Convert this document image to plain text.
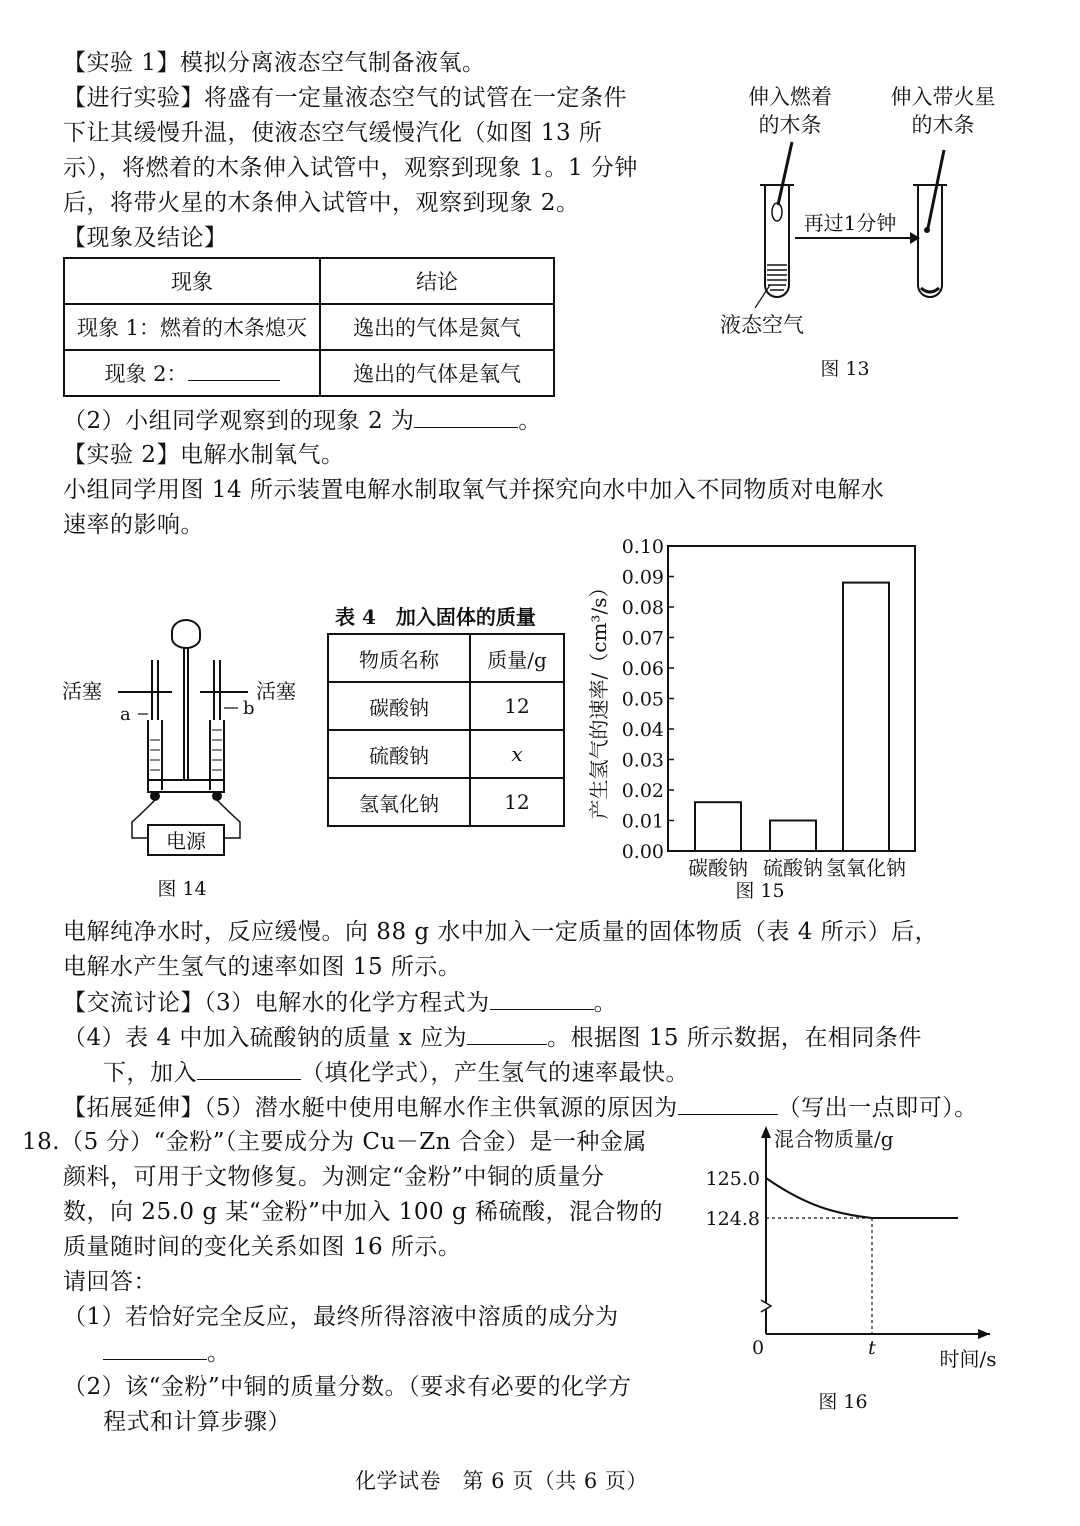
【实验 1】模拟分离液态空气制备液氧。
【进行实验】将盛有一定量液态空气的试管在一定条件
下让其缓慢升温，使液态空气缓慢汽化（如图 13 所
示），将燃着的木条伸入试管中，观察到现象 1。1 分钟
后，将带火星的木条伸入试管中，观察到现象 2。
【现象及结论】
现象	结论
现象 1：燃着的木条熄灭	逸出的气体是氮气
现象 2：	逸出的气体是氧气
（2）小组同学观察到的现象 2 为	。
伸入燃着
的木条
伸入带火星
的木条
再过1分钟
液态空气
图 13
【实验 2】电解水制氧气。
小组同学用图 14 所示装置电解水制取氧气并探究向水中加入不同物质对电解水
速率的影响。
活塞	活塞
a	b
电源
图 14
表 4　加入固体的质量
物质名称	质量/g
碳酸钠	12
硫酸钠	x
氢氧化钠	12
0.00
0.01
0.02
0.03
0.04
0.05
0.06
0.07
0.08
0.09
0.10
碳酸钠 硫酸钠 氢氧化钠
产生氢气的速率/（cm³/s）
图 15
电解纯净水时，反应缓慢。向 88 g 水中加入一定质量的固体物质（表 4 所示）后，
电解水产生氢气的速率如图 15 所示。
【交流讨论】（3）电解水的化学方程式为	。
（4）表 4 中加入硫酸钠的质量 x 应为	。根据图 15 所示数据，在相同条件
下，加入	（填化学式），产生氢气的速率最快。
【拓展延伸】（5）潜水艇中使用电解水作主供氧源的原因为	（写出一点即可）。
18.（5 分）“金粉”（主要成分为 Cu－Zn 合金）是一种金属
颜料，可用于文物修复。为测定“金粉”中铜的质量分
数，向 25.0 g 某“金粉”中加入 100 g 稀硫酸，混合物的
质量随时间的变化关系如图 16 所示。
请回答：
（1）若恰好完全反应，最终所得溶液中溶质的成分为
。
（2）该“金粉”中铜的质量分数。（要求有必要的化学方
程式和计算步骤）
混合物质量/g
125.0
124.8
0	t	时间/s
图 16
化学试卷　第 6 页（共 6 页）
